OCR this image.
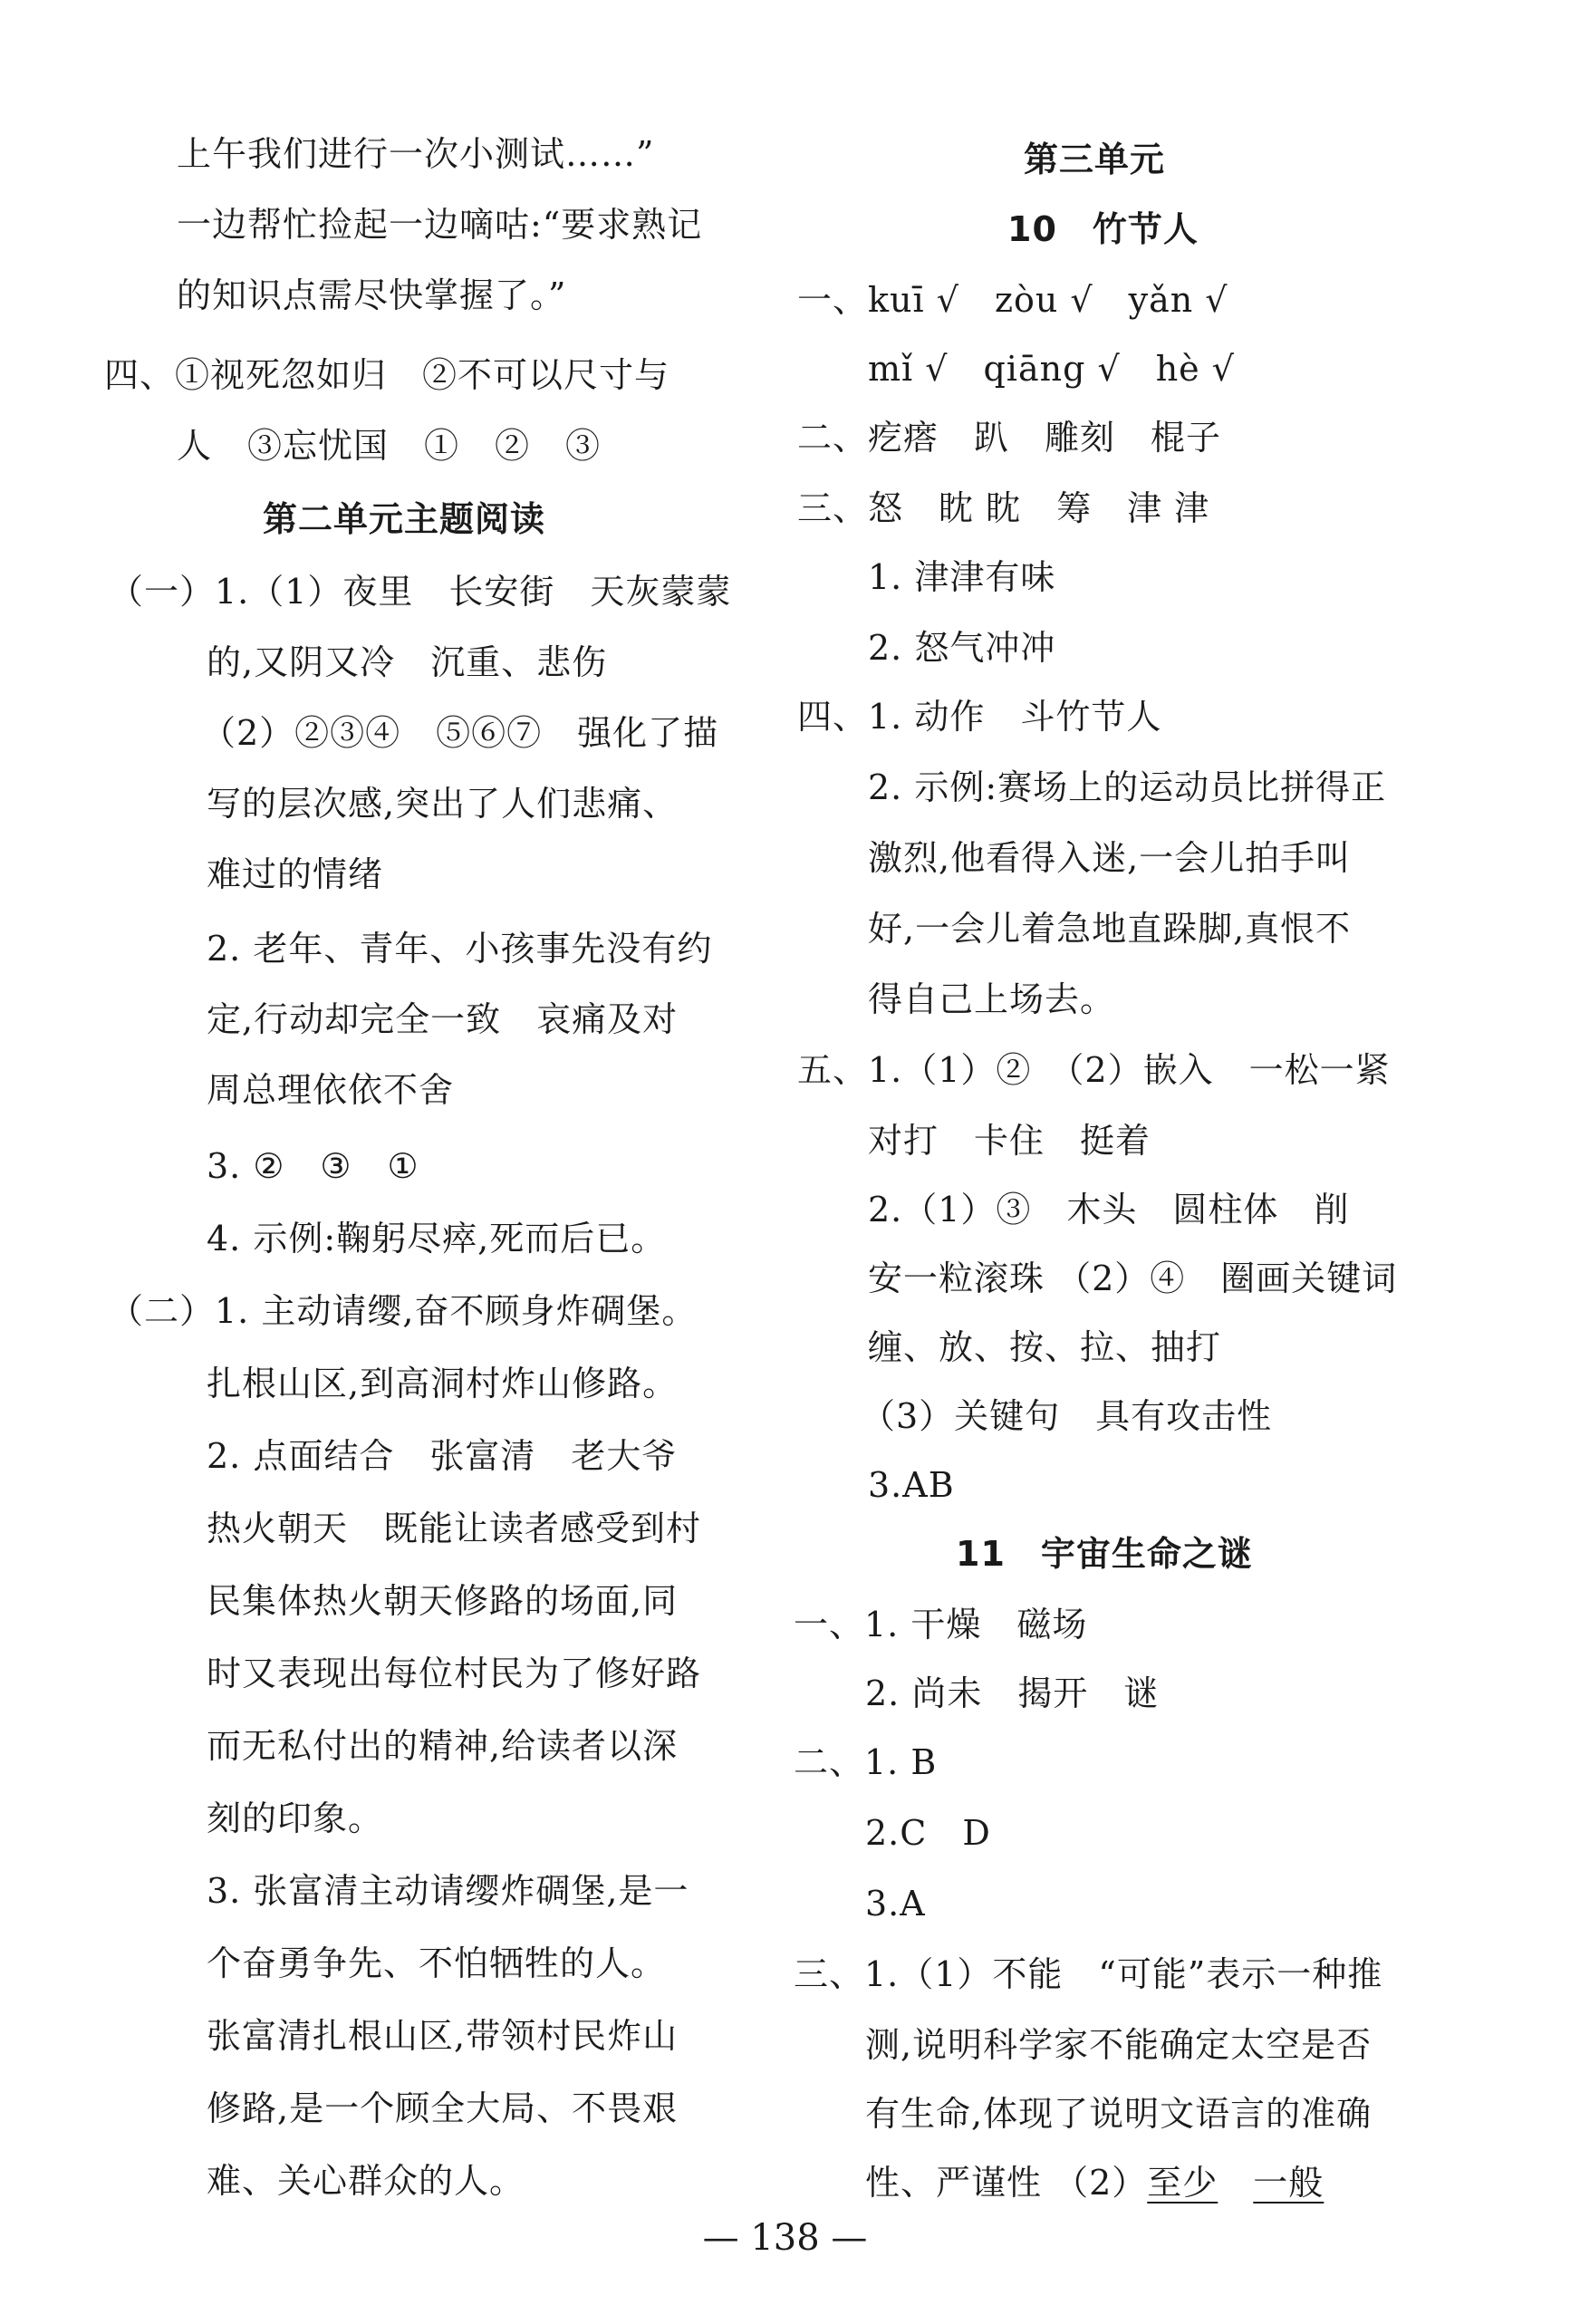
上午我们进行一次小测试……”
一边帮忙捡起一边嘀咕:“要求熟记
的知识点需尽快掌握了。”
四、①视死忽如归　②不可以尺寸与
人　③忘忧国　①　②　③
第二单元主题阅读
（一）1.（1）夜里　长安街　天灰蒙蒙
的,又阴又冷　沉重、悲伤
（2）②③④　⑤⑥⑦　强化了描
写的层次感,突出了人们悲痛、
难过的情绪
2. 老年、青年、小孩事先没有约
定,行动却完全一致　哀痛及对
周总理依依不舍
3. ②　③　①
4. 示例:鞠躬尽瘁,死而后已。
（二）1. 主动请缨,奋不顾身炸碉堡。
扎根山区,到高洞村炸山修路。
2. 点面结合　张富清　老大爷
热火朝天　既能让读者感受到村
民集体热火朝天修路的场面,同
时又表现出每位村民为了修好路
而无私付出的精神,给读者以深
刻的印象。
3. 张富清主动请缨炸碉堡,是一
个奋勇争先、不怕牺牲的人。
张富清扎根山区,带领村民炸山
修路,是一个顾全大局、不畏艰
难、关心群众的人。
第三单元
10　竹节人
一、kuī √　zòu √　yǎn √
mǐ √　qiāng √　hè √
二、疙瘩　趴　雕刻　棍子
三、怒　眈 眈　筹　津 津
1. 津津有味
2. 怒气冲冲
四、1. 动作　斗竹节人
2. 示例:赛场上的运动员比拼得正
激烈,他看得入迷,一会儿拍手叫
好,一会儿着急地直跺脚,真恨不
得自己上场去。
五、1.（1）②　（2）嵌入　一松一紧
对打　卡住　挺着
2.（1）③　木头　圆柱体　削
安一粒滚珠 （2）④　圈画关键词
缠、放、按、拉、抽打
（3）关键句　具有攻击性
3.AB
11　宇宙生命之谜
一、1. 干燥　磁场
2. 尚未　揭开　谜
二、1. B
2.C　D
3.A
三、1.（1）不能　“可能”表示一种推
测,说明科学家不能确定太空是否
有生命,体现了说明文语言的准确
性、严谨性 （2）至少　 一般
— 138 —
